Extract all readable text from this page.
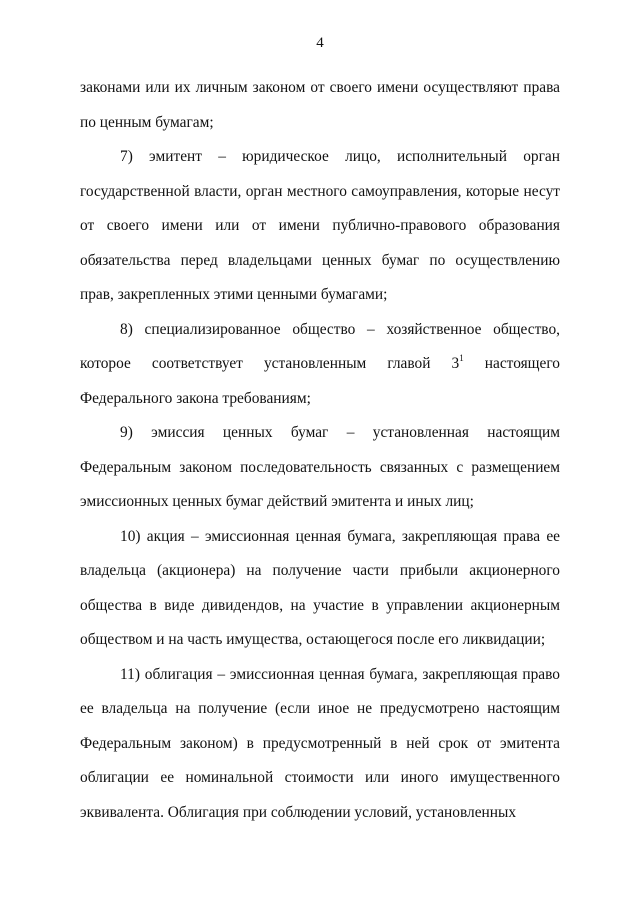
4

законами или их личным законом от своего имени осуществляют права по ценным бумагам;

7) эмитент – юридическое лицо, исполнительный орган государственной власти, орган местного самоуправления, которые несут от своего имени или от имени публично-правового образования обязательства перед владельцами ценных бумаг по осуществлению прав, закрепленных этими ценными бумагами;

8) специализированное общество – хозяйственное общество, которое соответствует установленным главой $3^1$ настоящего Федерального закона требованиям;

9) эмиссия ценных бумаг – установленная настоящим Федеральным законом последовательность связанных с размещением эмиссионных ценных бумаг действий эмитента и иных лиц;

10) акция – эмиссионная ценная бумага, закрепляющая права ее владельца (акционера) на получение части прибыли акционерного общества в виде дивидендов, на участие в управлении акционерным обществом и на часть имущества, остающегося после его ликвидации;

11) облигация – эмиссионная ценная бумага, закрепляющая право ее владельца на получение (если иное не предусмотрено настоящим Федеральным законом) в предусмотренный в ней срок от эмитента облигации ее номинальной стоимости или иного имущественного эквивалента. Облигация при соблюдении условий, установленных
